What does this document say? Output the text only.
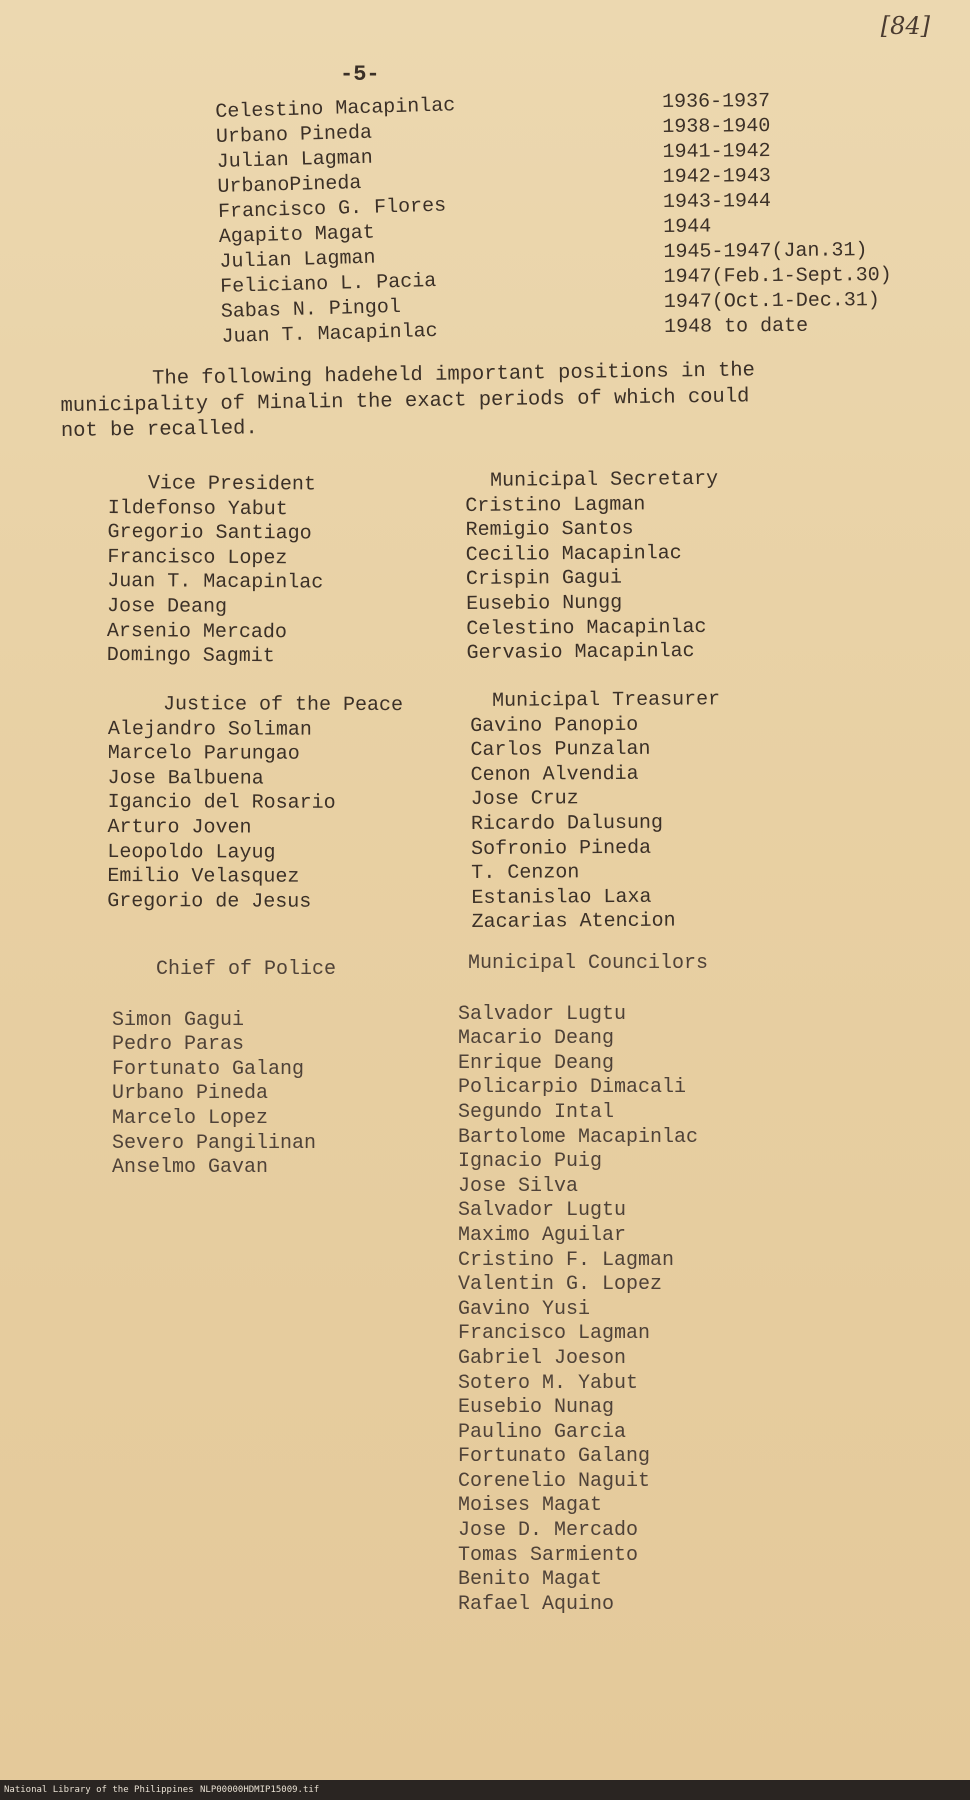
[84]
-5-
Celestino Macapinlac
Urbano Pineda
Julian Lagman
UrbanoPineda
Francisco G. Flores
Agapito Magat
Julian Lagman
Feliciano L. Pacia
Sabas N. Pingol
Juan T. Macapinlac
1936-1937
1938-1940
1941-1942
1942-1943
1943-1944
1944
1945-1947(Jan.31)
1947(Feb.1-Sept.30)
1947(Oct.1-Dec.31)
1948 to date
The following hadeheld important positions in the
municipality of Minalin the exact periods of which could
not be recalled.
Vice President
Ildefonso Yabut
Gregorio Santiago
Francisco Lopez
Juan T. Macapinlac
Jose Deang
Arsenio Mercado
Domingo Sagmit
Municipal Secretary
Cristino Lagman
Remigio Santos
Cecilio Macapinlac
Crispin Gagui
Eusebio Nungg
Celestino Macapinlac
Gervasio Macapinlac
Justice of the Peace
Alejandro Soliman
Marcelo Parungao
Jose Balbuena
Igancio del Rosario
Arturo Joven
Leopoldo Layug
Emilio Velasquez
Gregorio de Jesus
Municipal Treasurer
Gavino Panopio
Carlos Punzalan
Cenon Alvendia
Jose Cruz
Ricardo Dalusung
Sofronio Pineda
T. Cenzon
Estanislao Laxa
Zacarias Atencion
Chief of Police
Simon Gagui
Pedro Paras
Fortunato Galang
Urbano Pineda
Marcelo Lopez
Severo Pangilinan
Anselmo Gavan
Municipal Councilors
Salvador Lugtu
Macario Deang
Enrique Deang
Policarpio Dimacali
Segundo Intal
Bartolome Macapinlac
Ignacio Puig
Jose Silva
Salvador Lugtu
Maximo Aguilar
Cristino F. Lagman
Valentin G. Lopez
Gavino Yusi
Francisco Lagman
Gabriel Joeson
Sotero M. Yabut
Eusebio Nunag
Paulino Garcia
Fortunato Galang
Corenelio Naguit
Moises Magat
Jose D. Mercado
Tomas Sarmiento
Benito Magat
Rafael Aquino
National Library of the Philippines NLP00000HDMIP15009.tif
